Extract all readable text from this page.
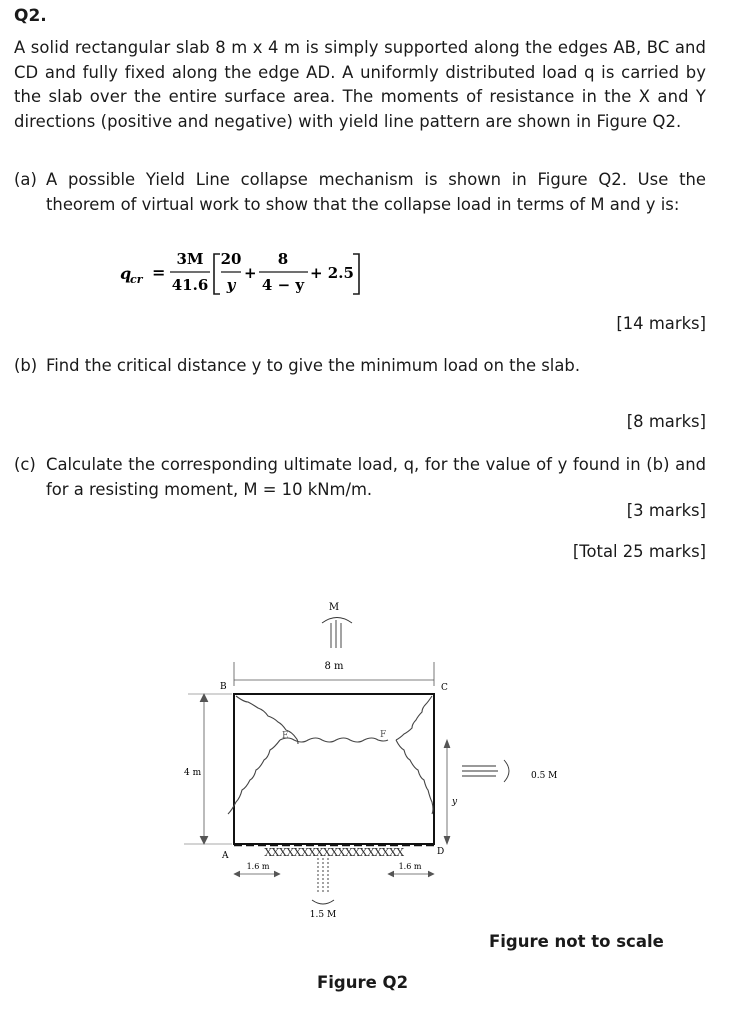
Q2.
A solid rectangular slab 8 m x 4 m is simply supported along the edges AB, BC and CD and fully fixed along the edge AD. A uniformly distributed load q is carried by the slab over the entire surface area. The moments of resistance in the X and Y directions (positive and negative) with yield line pattern are shown in Figure Q2.
(a) A possible Yield Line collapse mechanism is shown in Figure Q2. Use the theorem of virtual work to show that the collapse load in terms of M and y is:
q
cr =
3M
41.6
20
y
+
8
4 − y
+ 2.5
[14 marks]
(b) Find the critical distance y to give the minimum load on the slab.
[8 marks]
(c) Calculate the corresponding ultimate load, q, for the value of y found in (b) and for a resisting moment, M = 10 kNm/m.
[3 marks]
[Total 25 marks]
M
8 m
B	C
A	D
XXXXXXXXXXXXXXXXXXX
E	F
4 m
y
0.5 M
1.6 m	1.6 m
1.5 M
Figure not to scale
Figure Q2
